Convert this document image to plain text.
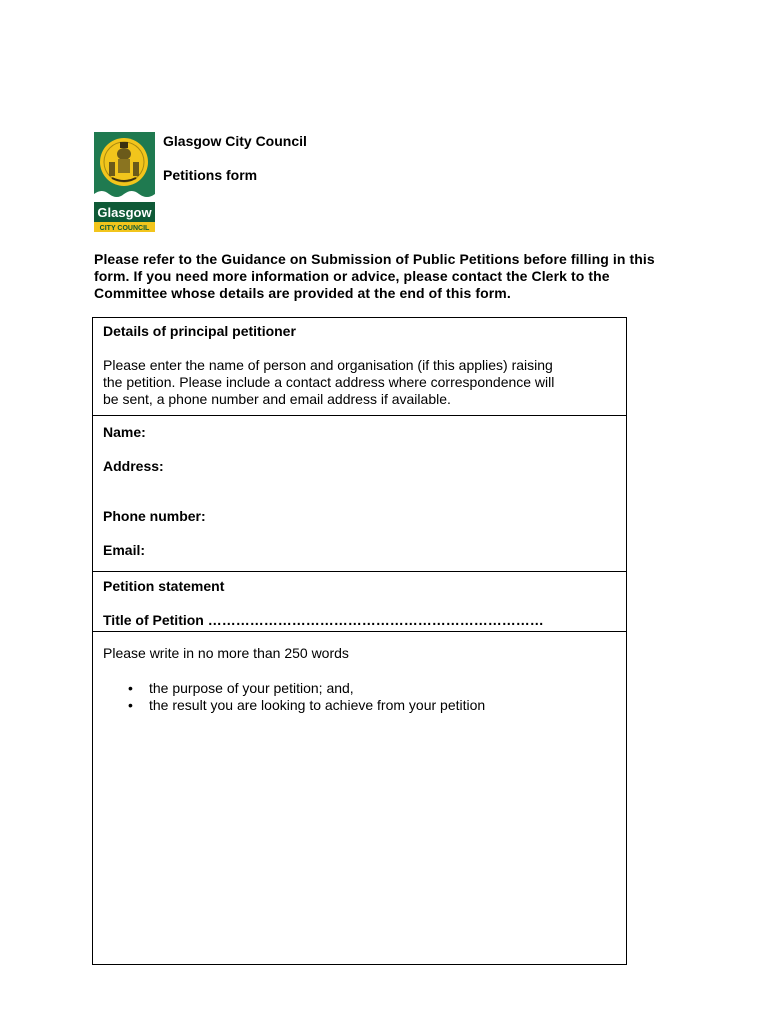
Glasgow
CITY COUNCIL
Glasgow City Council
Petitions form
Please refer to the Guidance on Submission of Public Petitions before filling in this form. If you need more information or advice, please contact the Clerk to the Committee whose details are provided at the end of this form.
Details of principal petitioner
Please enter the name of person and organisation (if this applies) raising
the petition. Please include a contact address where correspondence will
be sent, a phone number and email address if available.
Name:
Address:
Phone number:
Email:
Petition statement
Title of Petition ………………………………………………………………
Please write in no more than 250 words
• the purpose of your petition; and,
• the result you are looking to achieve from your petition
